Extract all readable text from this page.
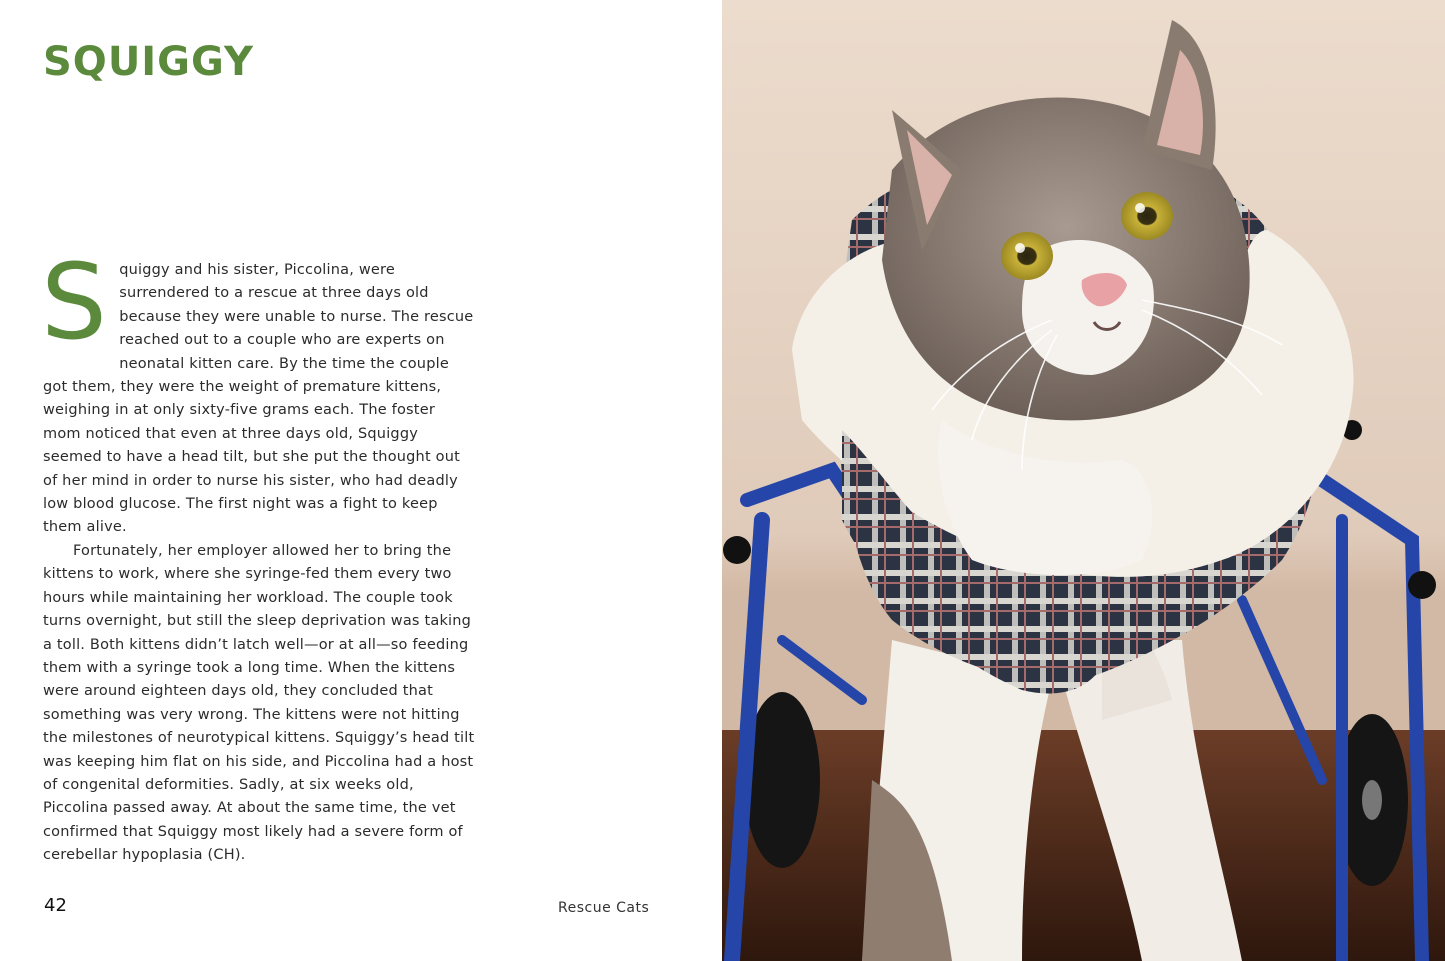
SQUIGGY

Squiggy and his sister, Piccolina, were surrendered to a rescue at three days old because they were unable to nurse. The rescue reached out to a couple who are experts on neonatal kitten care. By the time the couple got them, they were the weight of premature kittens, weighing in at only sixty-five grams each. The foster mom noticed that even at three days old, Squiggy seemed to have a head tilt, but she put the thought out of her mind in order to nurse his sister, who had deadly low blood glucose. The first night was a fight to keep them alive.

Fortunately, her employer allowed her to bring the kittens to work, where she syringe-fed them every two hours while maintaining her workload. The couple took turns overnight, but still the sleep deprivation was taking a toll. Both kittens didn’t latch well—or at all—so feeding them with a syringe took a long time. When the kittens were around eighteen days old, they concluded that something was very wrong. The kittens were not hitting the milestones of neurotypical kittens. Squiggy’s head tilt was keeping him flat on his side, and Piccolina had a host of congenital deformities. Sadly, at six weeks old, Piccolina passed away. At about the same time, the vet confirmed that Squiggy most likely had a severe form of cerebellar hypoplasia (CH).

42	Rescue Cats
